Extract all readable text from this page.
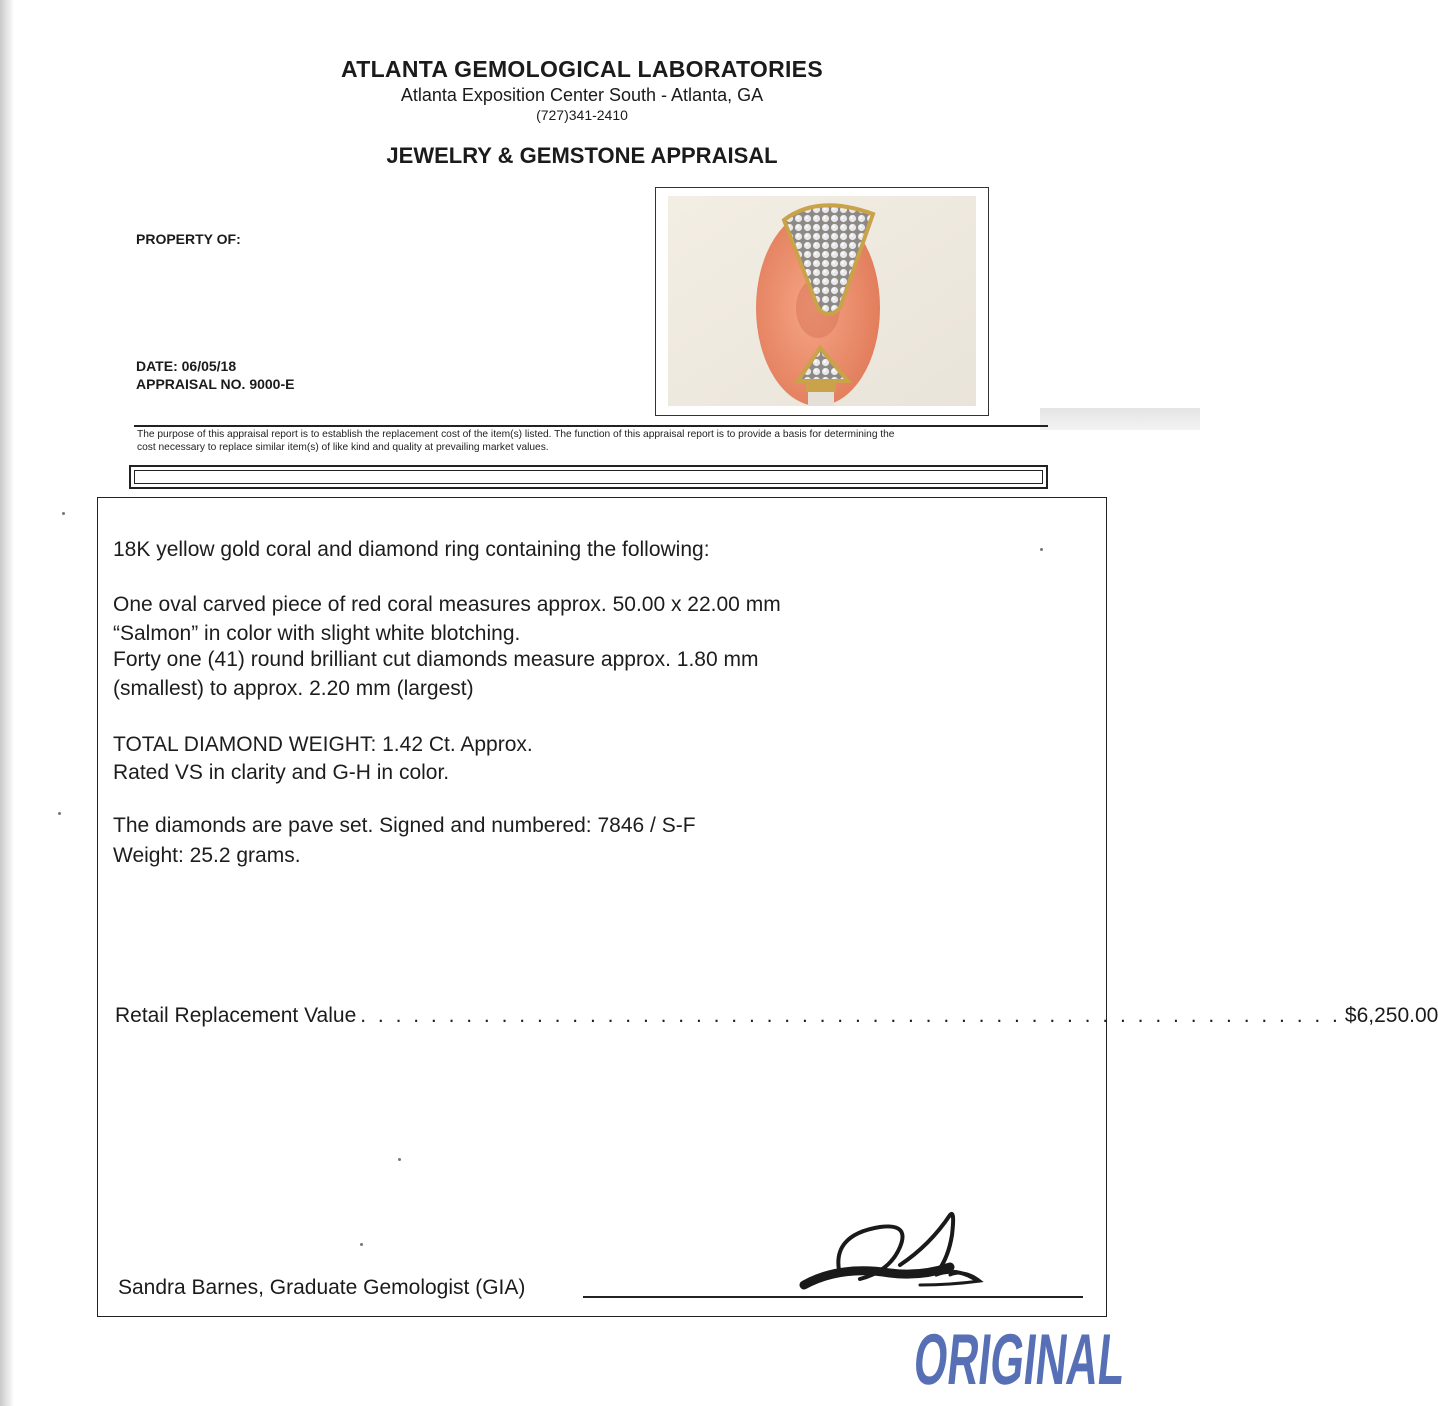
ATLANTA GEMOLOGICAL LABORATORIES
Atlanta Exposition Center South - Atlanta, GA
(727)341-2410
JEWELRY & GEMSTONE APPRAISAL
PROPERTY OF:
DATE: 06/05/18
APPRAISAL NO. 9000-E
The purpose of this appraisal report is to establish the replacement cost of the item(s) listed. The function of this appraisal report is to provide a basis for determining the
cost necessary to replace similar item(s) of like kind and quality at prevailing market values.
18K yellow gold coral and diamond ring containing the following:
One oval carved piece of red coral measures approx. 50.00 x 22.00 mm
“Salmon” in color with slight white blotching.
Forty one (41) round brilliant cut diamonds measure approx. 1.80 mm
(smallest) to approx. 2.20 mm (largest)
TOTAL DIAMOND WEIGHT: 1.42 Ct. Approx.
Rated VS in clarity and G-H in color.
The diamonds are pave set. Signed and numbered: 7846 / S-F
Weight: 25.2 grams.
Retail Replacement Value . . . . . . . . . . . . . . . . . . . . . . . . . . . . . . . . . . . . . . . . . . . . . . . . . . . . . . . . $6,250.00
Sandra Barnes, Graduate Gemologist (GIA)
ORIGINAL
